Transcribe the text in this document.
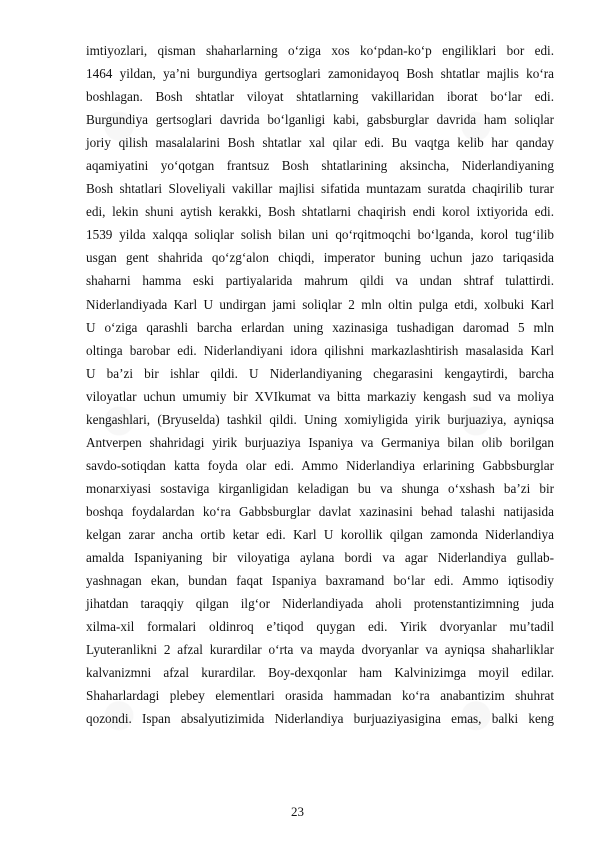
imtiyozlari, qisman shaharlarning o‘ziga xos ko‘pdan-ko‘p engiliklari bor edi.
1464 yildan, ya’ni burgundiya gertsoglari zamonidayoq Bosh shtatlar majlis ko‘ra
boshlagan. Bosh shtatlar viloyat shtatlarning vakillaridan iborat bo‘lar edi.
Burgundiya gertsoglari davrida bo‘lganligi kabi, gabsburglar davrida ham soliqlar
joriy qilish masalalarini Bosh shtatlar xal qilar edi. Bu vaqtga kelib har qanday
aqamiyatini yo‘qotgan frantsuz Bosh shtatlarining aksincha, Niderlandiyaning
Bosh shtatlari Sloveliyali vakillar majlisi sifatida muntazam suratda chaqirilib turar
edi, lekin shuni aytish kerakki, Bosh shtatlarni chaqirish endi korol ixtiyorida edi.
1539 yilda xalqqa soliqlar solish bilan uni qo‘rqitmoqchi bo‘lganda, korol tug‘ilib
usgan gent shahrida qo‘zg‘alon chiqdi, imperator buning uchun jazo tariqasida
shaharni hamma eski partiyalarida mahrum qildi va undan shtraf tulattirdi.
Niderlandiyada Karl U undirgan jami soliqlar 2 mln oltin pulga etdi, xolbuki Karl
U o‘ziga qarashli barcha erlardan uning xazinasiga tushadigan daromad 5 mln
oltinga barobar edi. Niderlandiyani idora qilishni markazlashtirish masalasida Karl
U ba’zi bir ishlar qildi. U Niderlandiyaning chegarasini kengaytirdi, barcha
viloyatlar uchun umumiy bir XVIkumat va bitta markaziy kengash sud va moliya
kengashlari, (Bryuselda) tashkil qildi. Uning xomiyligida yirik burjuaziya, ayniqsa
Antverpen shahridagi yirik burjuaziya Ispaniya va Germaniya bilan olib borilgan
savdo-sotiqdan katta foyda olar edi. Ammo Niderlandiya erlarining Gabbsburglar
monarxiyasi sostaviga kirganligidan keladigan bu va shunga o‘xshash ba’zi bir
boshqa foydalardan ko‘ra Gabbsburglar davlat xazinasini behad talashi natijasida
kelgan zarar ancha ortib ketar edi. Karl U korollik qilgan zamonda Niderlandiya
amalda Ispaniyaning bir viloyatiga aylana bordi va agar Niderlandiya gullab-
yashnagan ekan, bundan faqat Ispaniya baxramand bo‘lar edi. Ammo iqtisodiy
jihatdan taraqqiy qilgan ilg‘or Niderlandiyada aholi protenstantizimning juda
xilma-xil formalari oldinroq e’tiqod quygan edi. Yirik dvoryanlar mu’tadil
Lyuteranlikni 2 afzal kurardilar o‘rta va mayda dvoryanlar va ayniqsa shaharliklar
kalvanizmni afzal kurardilar. Boy-dexqonlar ham Kalvinizimga moyil edilar.
Shaharlardagi plebey elementlari orasida hammadan ko‘ra anabantizim shuhrat
qozondi. Ispan absalyutizimida Niderlandiya burjuaziyasigina emas, balki keng
23
